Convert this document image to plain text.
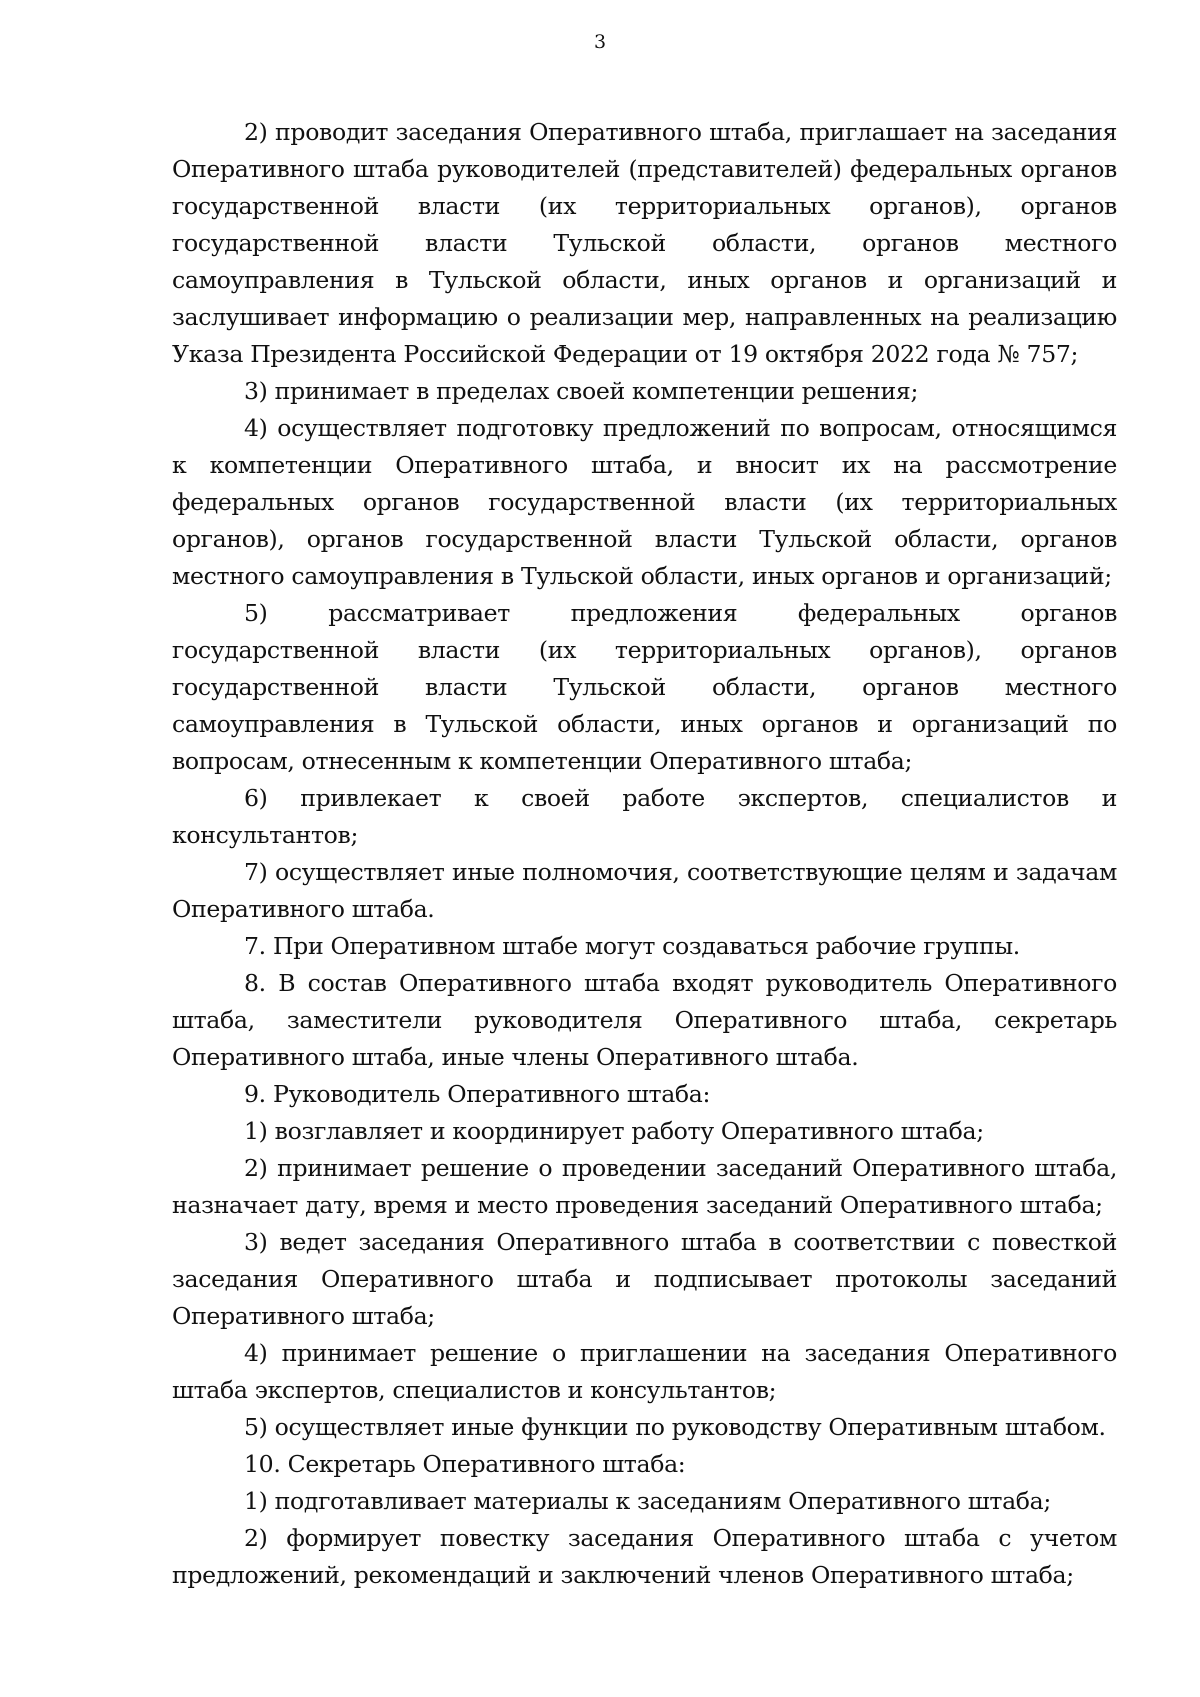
3

2) проводит заседания Оперативного штаба, приглашает на заседания Оперативного штаба руководителей (представителей) федеральных органов государственной власти (их территориальных органов), органов государственной власти Тульской области, органов местного самоуправления в Тульской области, иных органов и организаций и заслушивает информацию о реализации мер, направленных на реализацию Указа Президента Российской Федерации от 19 октября 2022 года № 757;

3) принимает в пределах своей компетенции решения;

4) осуществляет подготовку предложений по вопросам, относящимся к компетенции Оперативного штаба, и вносит их на рассмотрение федеральных органов государственной власти (их территориальных органов), органов государственной власти Тульской области, органов местного самоуправления в Тульской области, иных органов и организаций;

5) рассматривает предложения федеральных органов государственной власти (их территориальных органов), органов государственной власти Тульской области, органов местного самоуправления в Тульской области, иных органов и организаций по вопросам, отнесенным к компетенции Оперативного штаба;

6) привлекает к своей работе экспертов, специалистов и консультантов;

7) осуществляет иные полномочия, соответствующие целям и задачам Оперативного штаба.

7. При Оперативном штабе могут создаваться рабочие группы.

8. В состав Оперативного штаба входят руководитель Оперативного штаба, заместители руководителя Оперативного штаба, секретарь Оперативного штаба, иные члены Оперативного штаба.

9. Руководитель Оперативного штаба:

1) возглавляет и координирует работу Оперативного штаба;

2) принимает решение о проведении заседаний Оперативного штаба, назначает дату, время и место проведения заседаний Оперативного штаба;

3) ведет заседания Оперативного штаба в соответствии с повесткой заседания Оперативного штаба и подписывает протоколы заседаний Оперативного штаба;

4) принимает решение о приглашении на заседания Оперативного штаба экспертов, специалистов и консультантов;

5) осуществляет иные функции по руководству Оперативным штабом.

10. Секретарь Оперативного штаба:

1) подготавливает материалы к заседаниям Оперативного штаба;

2) формирует повестку заседания Оперативного штаба с учетом предложений, рекомендаций и заключений членов Оперативного штаба;
